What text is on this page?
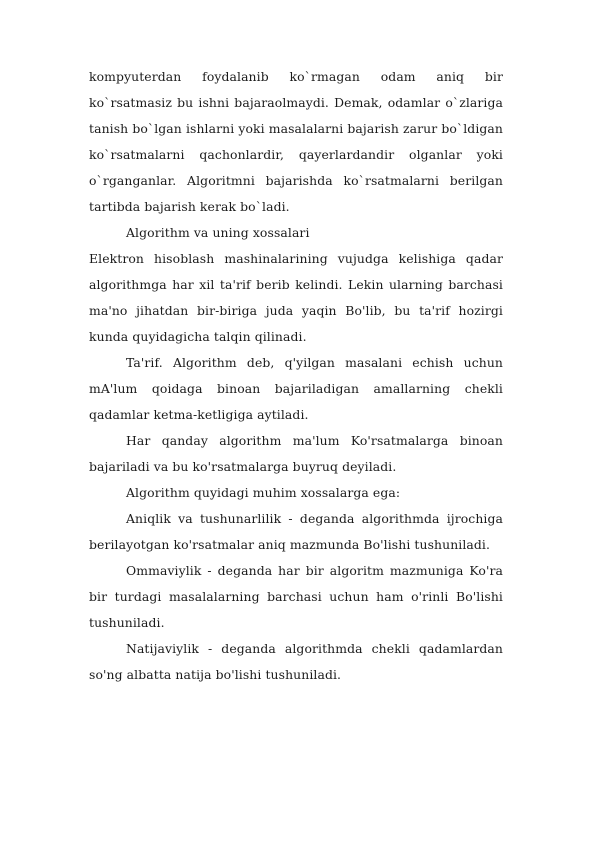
kompyuterdan foydalanib ko`rmagan odam aniq bir ko`rsatmasiz bu ishni bajaraolmaydi. Demak, odamlar o`zlariga tanish bo`lgan ishlarni yoki masalalarni bajarish zarur bo`ldigan ko`rsatmalarni qachonlardir, qayerlardandir olganlar yoki o`rganganlar. Algoritmni bajarishda ko`rsatmalarni berilgan tartibda bajarish kerak bo`ladi.

Algorithm va uning xossalari

Elektron hisoblash mashinalarining vujudga kelishiga qadar algorithmga har xil ta'rif berib kelindi. Lekin ularning barchasi ma'no jihatdan bir-biriga juda yaqin Bo'lib, bu ta'rif hozirgi kunda quyidagicha talqin qilinadi.

Ta'rif. Algorithm deb, q'yilgan masalani echish uchun mA'lum qoidaga binoan bajariladigan amallarning chekli qadamlar ketma-ketligiga aytiladi.

Har qanday algorithm ma'lum Ko'rsatmalarga binoan bajariladi va bu ko'rsatmalarga buyruq deyiladi.

Algorithm quyidagi muhim xossalarga ega:

Aniqlik va tushunarlilik - deganda algorithmda ijrochiga berilayotgan ko'rsatmalar aniq mazmunda Bo'lishi tushuniladi.

Ommaviylik - deganda har bir algoritm mazmuniga Ko'ra bir turdagi masalalarning barchasi uchun ham o'rinli Bo'lishi tushuniladi.

Natijaviylik - deganda algorithmda chekli qadamlardan so'ng albatta natija bo'lishi tushuniladi.
